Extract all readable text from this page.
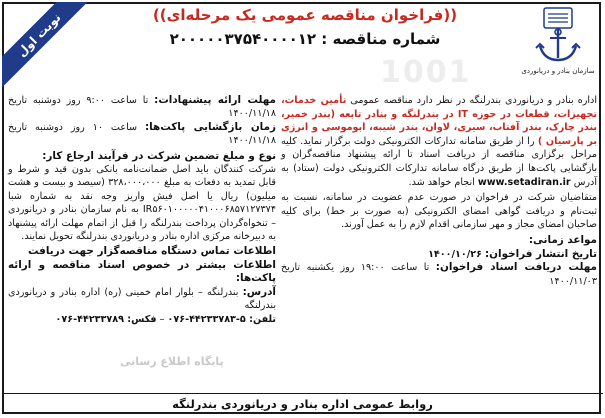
نوبت اول
1001	سازمان بنادر و دریانوردی
((فراخوان مناقصه عمومی یک مرحله‌ای))
شماره مناقصه : ۲۰۰۰۰۰۳۷۵۴۰۰۰۰۱۲
اداره بنادر و دریانوردی بندرلنگه در نظر دارد مناقصه عمومی تأمین خدمات، تجهیزات، قطعات در حوزه IT در بندرلنگه و بنادر تابعه (بندر خمیر، بندر چارک، بندر آفتاب، سیری، لاوان، بندر شیبه، ابوموسی و انرژی بر پارسیان ) را از طریق سامانه تدارکات الکترونیکی دولت برگزار نماید. کلیه مراحل برگزاری مناقصه از دریافت اسناد تا ارائه پیشنهاد مناقصه‌گران و بازگشایی پاکت‌ها از طریق درگاه سامانه تدارکات الکترونیکی دولت (ستاد) به آدرس www.setadiran.ir انجام خواهد شد.
متقاضیان شرکت در فراخوان در صورت عدم عضویت در سامانه، نسبت به ثبت‌نام و دریافت گواهی امضای الکترونیکی (به صورت بر خط) برای کلیه صاحبان امضای مجاز و مهر سازمانی اقدام لازم را به عمل آورند.
مواعد زمانی:
تاریخ انتشار فراخوان: ۱۴۰۰/۱۰/۲۶
مهلت دریافت اسناد فراخوان: تا ساعت ۱۹:۰۰ روز یکشنبه تاریخ ۱۴۰۰/۱۱/۰۳
مهلت ارائه پیشنهادات: تا ساعت ۹:۰۰ روز دوشنبه تاریخ ۱۴۰۰/۱۱/۱۸
زمان بازگشایی پاکت‌ها: ساعت ۱۰ روز دوشنبه تاریخ ۱۴۰۰/۱۱/۱۸
نوع و مبلغ تضمین شرکت در فرآیند ارجاع کار:
شرکت کنندگان باید اصل ضمانت‌نامه بانکی بدون قید و شرط و قابل تمدید به دفعات به مبلغ ۳۲۸،۰۰۰،۰۰۰ (سیصد و بیست و هشت میلیون) ریال یا اصل فیش واریز وجه نقد به شماره شبا IR۵۶۰۱۰۰۰۰۰۴۱۰۰۰۶۸۵۷۱۲۷۳۷۴ به نام سازمان بنادر و دریانوردی – تنخواه‌گردان پرداخت بندرلنگه را قبل از اتمام مهلت ارائه پیشنهاد به دبیرخانه مرکزی اداره بنادر و دریانوردی بندرلنگه تحویل نمایند.
اطلاعات تماس دستگاه مناقصه‌گزار جهت دریافت
اطلاعات بیشتر در خصوص اسناد مناقصه و ارائه پاکت‌ها:
آدرس: بندرلنگه – بلوار امام خمینی (ره) اداره بنادر و دریانوردی بندرلنگه
تلفن: ۵-۴۴۲۳۳۷۸۳-۰۷۶ – فکس: ۴۴۲۳۳۷۸۹-۰۷۶
پایگاه اطلاع رسانی
روابط عمومی اداره بنادر و دریانوردی بندرلنگه
